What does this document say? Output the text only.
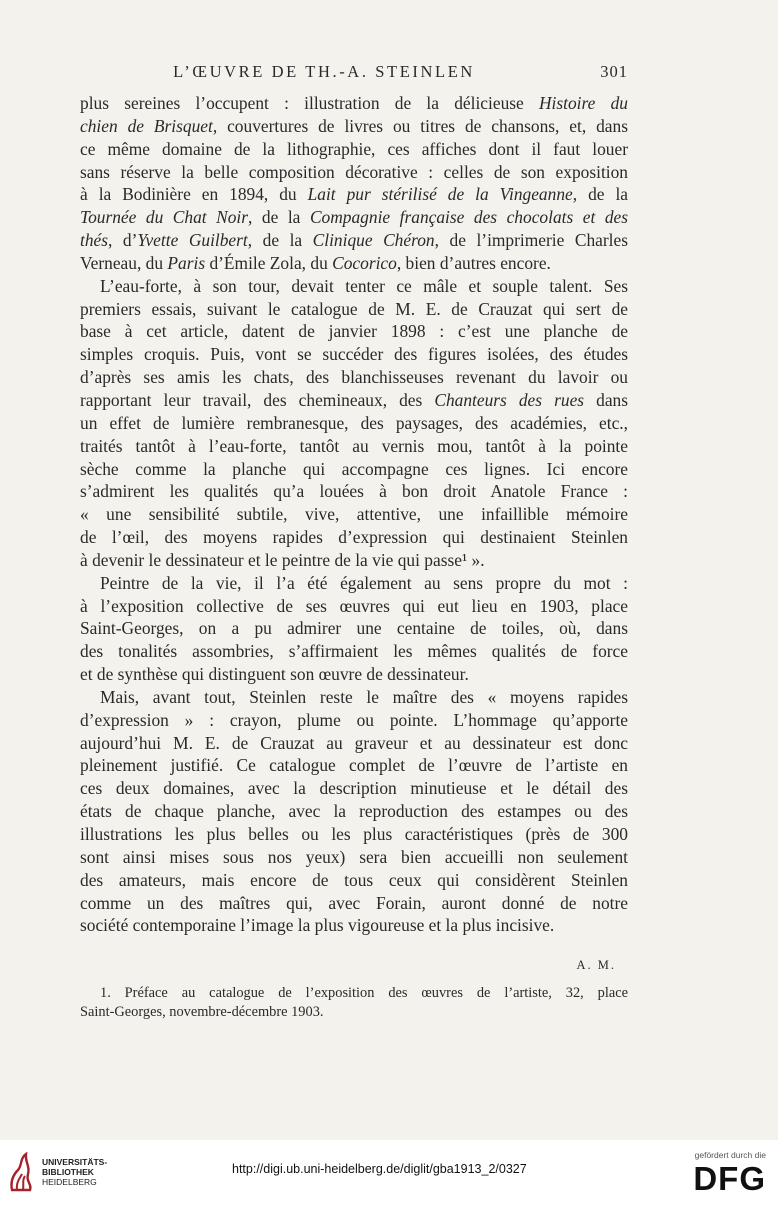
L’ŒUVRE DE TH.-A. STEINLEN	301
plus sereines l’occupent : illustration de la délicieuse Histoire du
chien de Brisquet, couvertures de livres ou titres de chansons, et, dans
ce même domaine de la lithographie, ces affiches dont il faut louer
sans réserve la belle composition décorative : celles de son exposition
à la Bodinière en 1894, du Lait pur stérilisé de la Vingeanne, de la
Tournée du Chat Noir, de la Compagnie française des chocolats et des
thés, d’Yvette Guilbert, de la Clinique Chéron, de l’imprimerie Charles
Verneau, du Paris d’Émile Zola, du Cocorico, bien d’autres encore.
L’eau-forte, à son tour, devait tenter ce mâle et souple talent. Ses
premiers essais, suivant le catalogue de M. E. de Crauzat qui sert de
base à cet article, datent de janvier 1898 : c’est une planche de
simples croquis. Puis, vont se succéder des figures isolées, des études
d’après ses amis les chats, des blanchisseuses revenant du lavoir ou
rapportant leur travail, des chemineaux, des Chanteurs des rues dans
un effet de lumière rembranesque, des paysages, des académies, etc.,
traités tantôt à l’eau-forte, tantôt au vernis mou, tantôt à la pointe
sèche comme la planche qui accompagne ces lignes. Ici encore
s’admirent les qualités qu’a louées à bon droit Anatole France :
« une sensibilité subtile, vive, attentive, une infaillible mémoire
de l’œil, des moyens rapides d’expression qui destinaient Steinlen
à devenir le dessinateur et le peintre de la vie qui passe¹ ».
Peintre de la vie, il l’a été également au sens propre du mot :
à l’exposition collective de ses œuvres qui eut lieu en 1903, place
Saint-Georges, on a pu admirer une centaine de toiles, où, dans
des tonalités assombries, s’affirmaient les mêmes qualités de force
et de synthèse qui distinguent son œuvre de dessinateur.
Mais, avant tout, Steinlen reste le maître des « moyens rapides
d’expression » : crayon, plume ou pointe. L’hommage qu’apporte
aujourd’hui M. E. de Crauzat au graveur et au dessinateur est donc
pleinement justifié. Ce catalogue complet de l’œuvre de l’artiste en
ces deux domaines, avec la description minutieuse et le détail des
états de chaque planche, avec la reproduction des estampes ou des
illustrations les plus belles ou les plus caractéristiques (près de 300
sont ainsi mises sous nos yeux) sera bien accueilli non seulement
des amateurs, mais encore de tous ceux qui considèrent Steinlen
comme un des maîtres qui, avec Forain, auront donné de notre
société contemporaine l’image la plus vigoureuse et la plus incisive.
A. M.
1. Préface au catalogue de l’exposition des œuvres de l’artiste, 32, place
Saint-Georges, novembre-décembre 1903.
UNIVERSITÄTS-
BIBLIOTHEK
HEIDELBERG
http://digi.ub.uni-heidelberg.de/diglit/gba1913_2/0327
gefördert durch die
DFG
